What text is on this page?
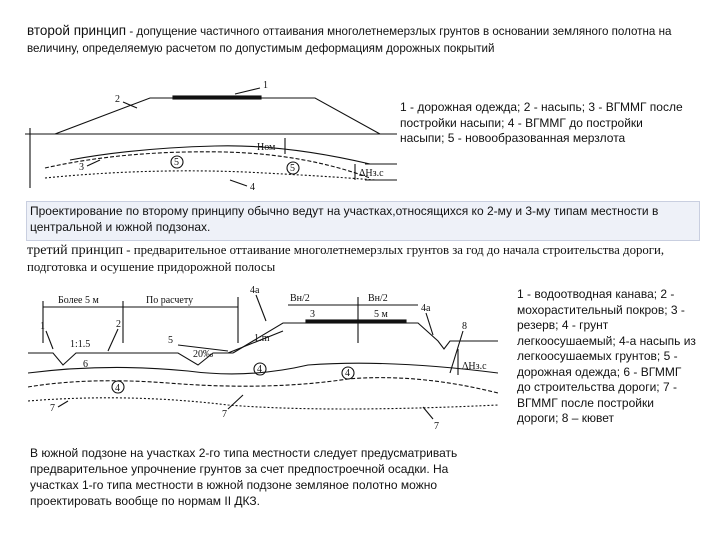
второй принцип - допущение частичного оттаивания многолетнемерзлых грунтов в основании земляного полотна на величину, определяемую расчетом по допустимым деформациям дорожных покрытий
1
2
3
4
5
5
Hом
ΔHз.с
1 - дорожная одежда; 2 - насыпь; 3 - ВГММГ после постройки насыпи; 4 - ВГММГ до постройки насыпи; 5 - новообразованная мерзлота
Проектирование по второму принципу обычно ведут на участках,относящихся ко 2-му и 3-му типам местности в центральной и южной подзонах.
третий принцип - предварительное оттаивание многолетнемерзлых грунтов за год до начала строительства дороги, подготовка и осушение придорожной полосы
Более 5 м	По расчету
4а
Bн/2	Bн/2
4а
1	2
3
4
4	4
5
6
7
7
7
8
1:1.5
1:m
20‰
ΔHз.с
5 м
1 - водоотводная канава; 2 - мохорастительный покров; 3 - резерв; 4 - грунт легкоосушаемый; 4-а насыпь из легкоосушаемых грунтов; 5 - дорожная одежда; 6 - ВГММГ до строительства дороги; 7 - ВГММГ после постройки дороги; 8 – кювет
В южной подзоне на участках 2-го типа местности следует предусматривать предварительное упрочнение грунтов за счет предпостроечной осадки. На участках 1-го типа местности в южной подзоне земляное полотно можно проектировать вообще по нормам II ДКЗ.
